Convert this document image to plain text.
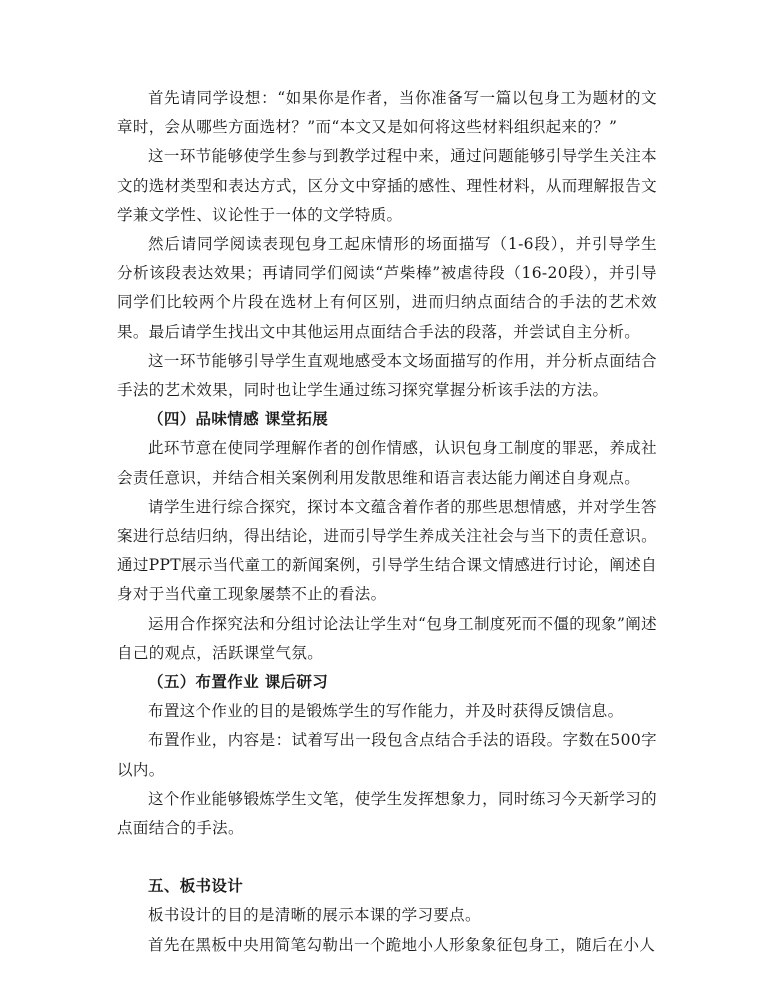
首先请同学设想：“如果你是作者，当你准备写一篇以包身工为题材的文章时，会从哪些方面选材？”而“本文又是如何将这些材料组织起来的？”

这一环节能够使学生参与到教学过程中来，通过问题能够引导学生关注本文的选材类型和表达方式，区分文中穿插的感性、理性材料，从而理解报告文学兼文学性、议论性于一体的文学特质。

然后请同学阅读表现包身工起床情形的场面描写（1-6段），并引导学生分析该段表达效果；再请同学们阅读“芦柴棒”被虐待段（16-20段），并引导同学们比较两个片段在选材上有何区别，进而归纳点面结合的手法的艺术效果。最后请学生找出文中其他运用点面结合手法的段落，并尝试自主分析。

这一环节能够引导学生直观地感受本文场面描写的作用，并分析点面结合手法的艺术效果，同时也让学生通过练习探究掌握分析该手法的方法。

（四）品味情感 课堂拓展

此环节意在使同学理解作者的创作情感，认识包身工制度的罪恶，养成社会责任意识，并结合相关案例利用发散思维和语言表达能力阐述自身观点。

请学生进行综合探究，探讨本文蕴含着作者的那些思想情感，并对学生答案进行总结归纳，得出结论，进而引导学生养成关注社会与当下的责任意识。通过PPT展示当代童工的新闻案例，引导学生结合课文情感进行讨论，阐述自身对于当代童工现象屡禁不止的看法。

运用合作探究法和分组讨论法让学生对“包身工制度死而不僵的现象”阐述自己的观点，活跃课堂气氛。

（五）布置作业 课后研习

布置这个作业的目的是锻炼学生的写作能力，并及时获得反馈信息。

布置作业，内容是：试着写出一段包含点结合手法的语段。字数在500字以内。

这个作业能够锻炼学生文笔，使学生发挥想象力，同时练习今天新学习的点面结合的手法。

五、板书设计

板书设计的目的是清晰的展示本课的学习要点。

首先在黑板中央用简笔勾勒出一个跪地小人形象象征包身工，随后在小人
